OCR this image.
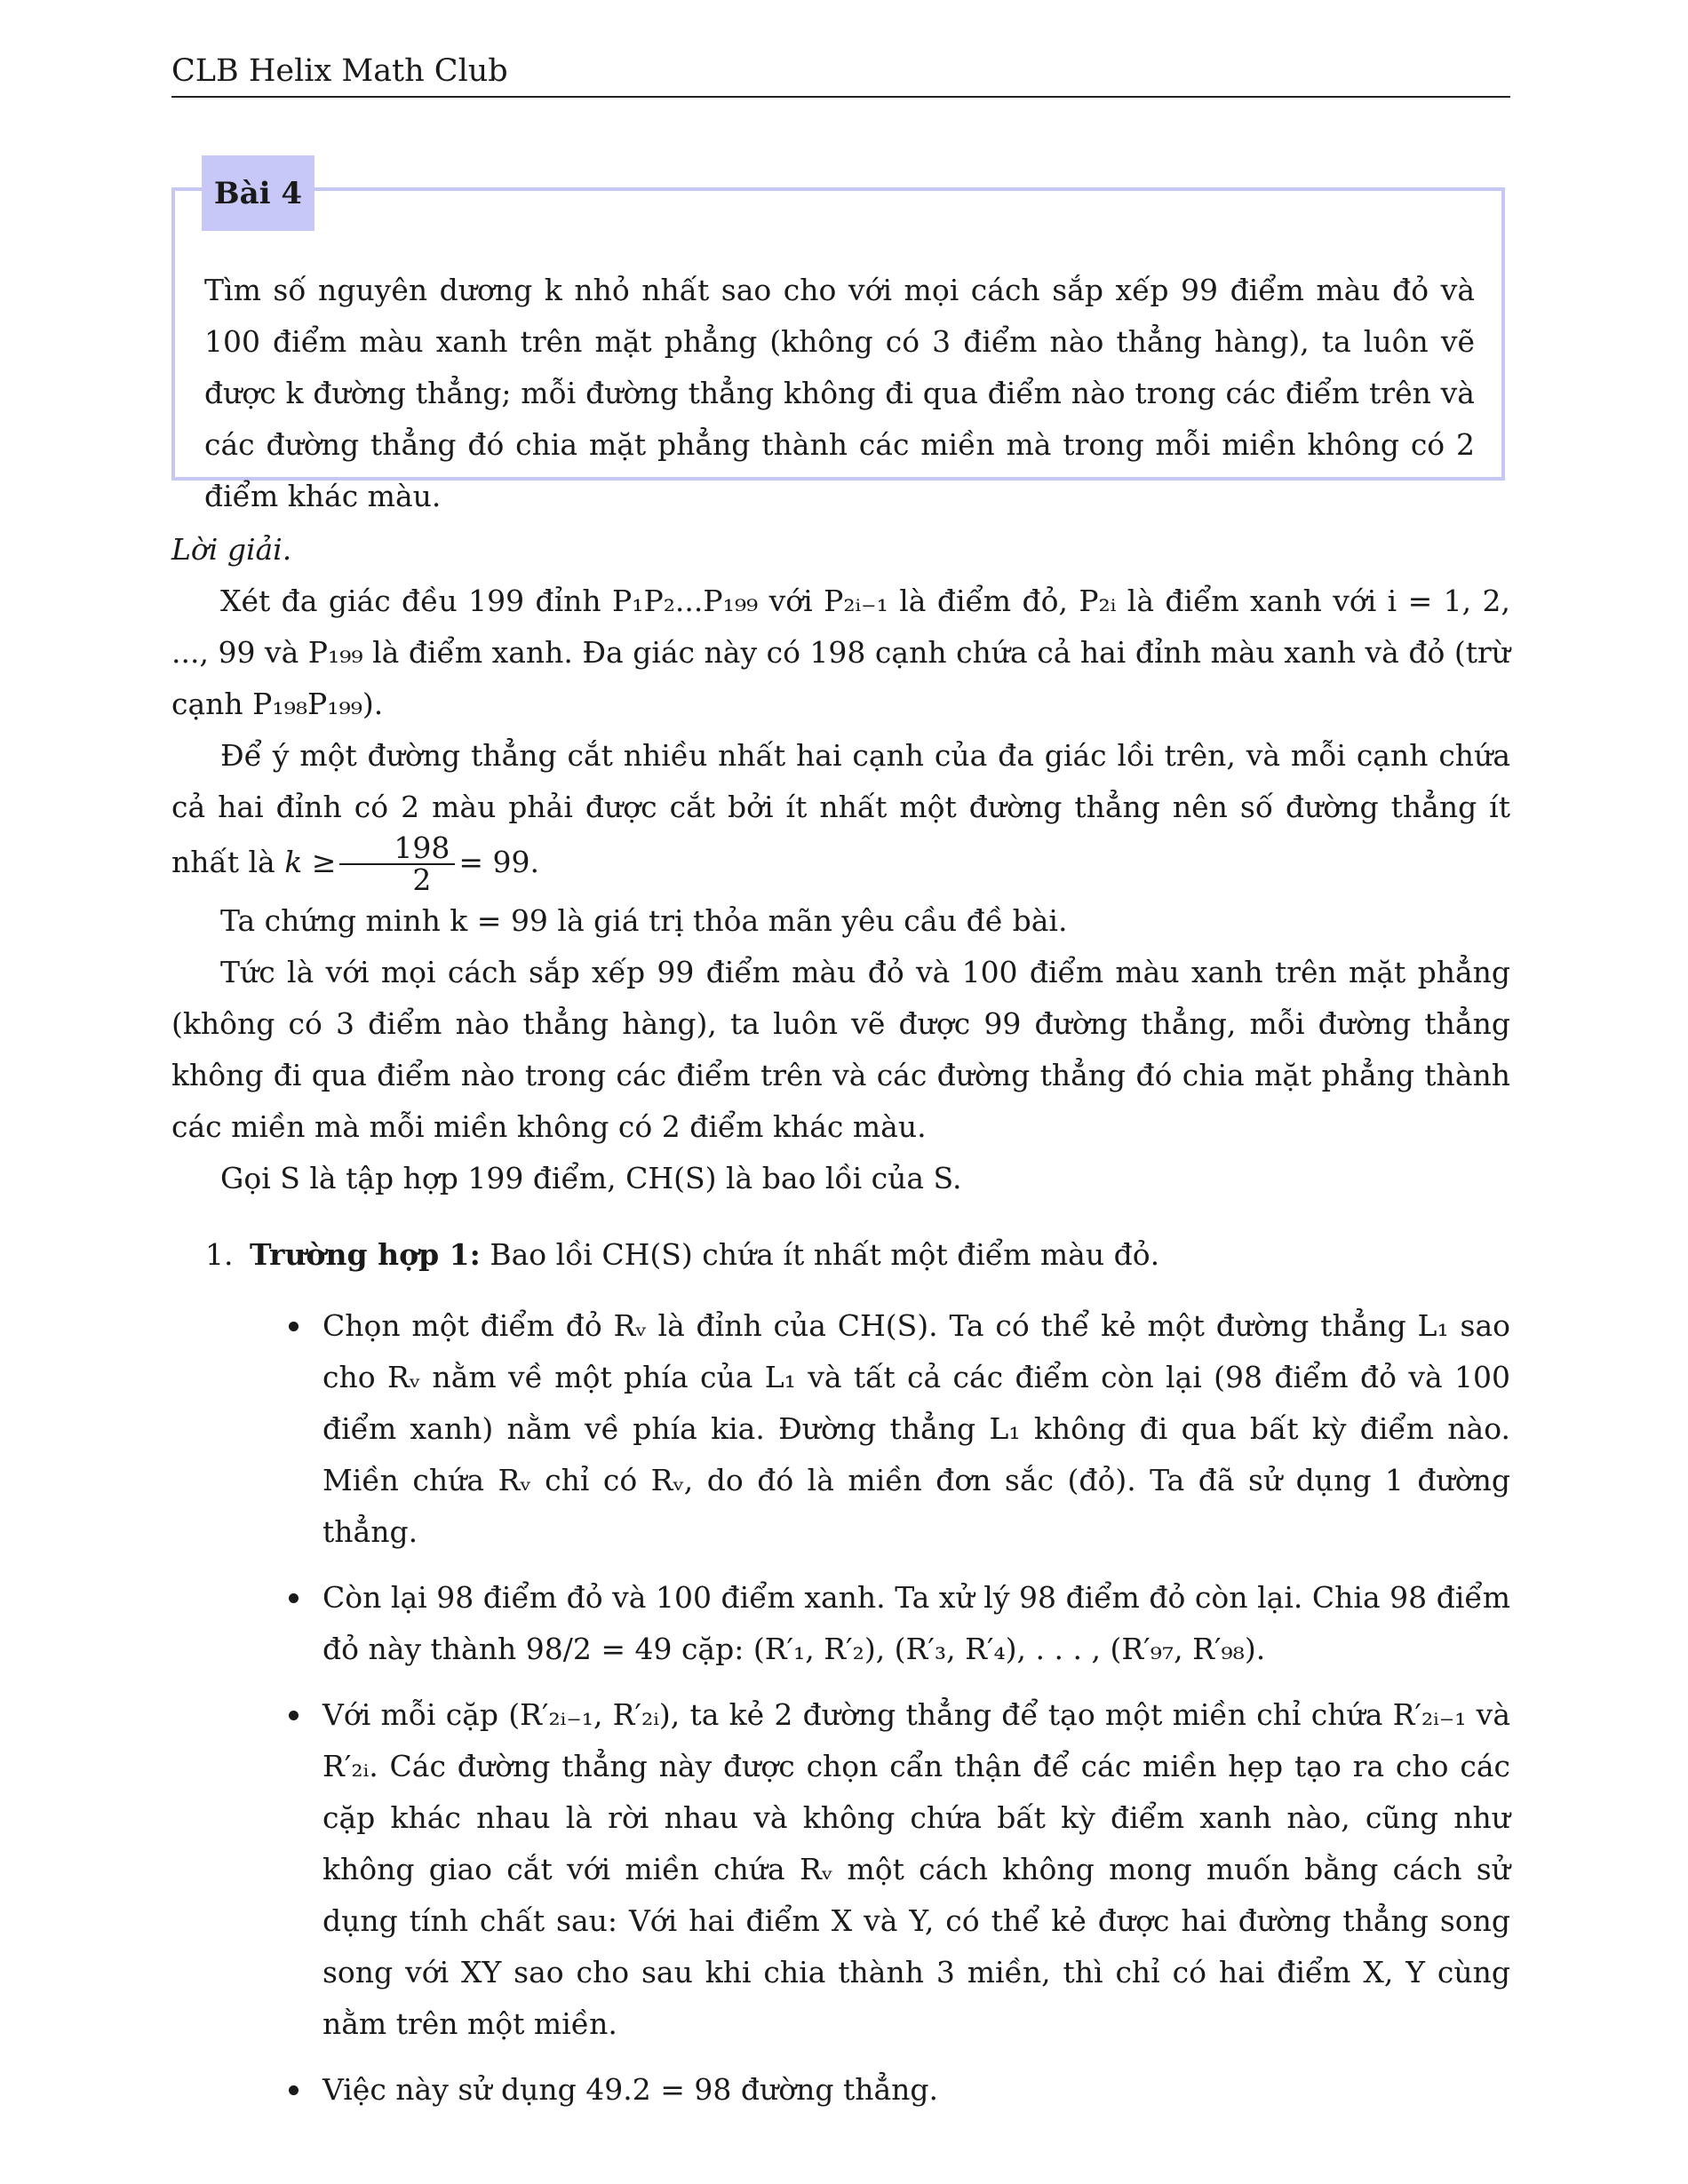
CLB Helix Math Club
Bài 4
Tìm số nguyên dương k nhỏ nhất sao cho với mọi cách sắp xếp 99 điểm màu đỏ và 100 điểm màu xanh trên mặt phẳng (không có 3 điểm nào thẳng hàng), ta luôn vẽ được k đường thẳng; mỗi đường thẳng không đi qua điểm nào trong các điểm trên và các đường thẳng đó chia mặt phẳng thành các miền mà trong mỗi miền không có 2 điểm khác màu.

Lời giải.

Xét đa giác đều 199 đỉnh P₁P₂...P₁₉₉ với P₂ᵢ₋₁ là điểm đỏ, P₂ᵢ là điểm xanh với i = 1, 2, ..., 99 và P₁₉₉ là điểm xanh. Đa giác này có 198 cạnh chứa cả hai đỉnh màu xanh và đỏ (trừ cạnh P₁₉₈P₁₉₉).

Để ý một đường thẳng cắt nhiều nhất hai cạnh của đa giác lồi trên, và mỗi cạnh chứa cả hai đỉnh có 2 màu phải được cắt bởi ít nhất một đường thẳng nên số đường thẳng ít nhất là $k \ge \frac{198}{2} = 99$.

Ta chứng minh k = 99 là giá trị thỏa mãn yêu cầu đề bài.

Tức là với mọi cách sắp xếp 99 điểm màu đỏ và 100 điểm màu xanh trên mặt phẳng (không có 3 điểm nào thẳng hàng), ta luôn vẽ được 99 đường thẳng, mỗi đường thẳng không đi qua điểm nào trong các điểm trên và các đường thẳng đó chia mặt phẳng thành các miền mà mỗi miền không có 2 điểm khác màu.

Gọi S là tập hợp 199 điểm, CH(S) là bao lồi của S.

1. Trường hợp 1: Bao lồi CH(S) chứa ít nhất một điểm màu đỏ.
Chọn một điểm đỏ Rᵥ là đỉnh của CH(S). Ta có thể kẻ một đường thẳng L₁ sao cho Rᵥ nằm về một phía của L₁ và tất cả các điểm còn lại (98 điểm đỏ và 100 điểm xanh) nằm về phía kia. Đường thẳng L₁ không đi qua bất kỳ điểm nào. Miền chứa Rᵥ chỉ có Rᵥ, do đó là miền đơn sắc (đỏ). Ta đã sử dụng 1 đường thẳng.
Còn lại 98 điểm đỏ và 100 điểm xanh. Ta xử lý 98 điểm đỏ còn lại. Chia 98 điểm đỏ này thành 98/2 = 49 cặp: (R′₁, R′₂), (R′₃, R′₄), . . . , (R′₉₇, R′₉₈).
Với mỗi cặp (R′₂ᵢ₋₁, R′₂ᵢ), ta kẻ 2 đường thẳng để tạo một miền chỉ chứa R′₂ᵢ₋₁ và R′₂ᵢ. Các đường thẳng này được chọn cẩn thận để các miền hẹp tạo ra cho các cặp khác nhau là rời nhau và không chứa bất kỳ điểm xanh nào, cũng như không giao cắt với miền chứa Rᵥ một cách không mong muốn bằng cách sử dụng tính chất sau: Với hai điểm X và Y, có thể kẻ được hai đường thẳng song song với XY sao cho sau khi chia thành 3 miền, thì chỉ có hai điểm X, Y cùng nằm trên một miền.
Việc này sử dụng 49.2 = 98 đường thẳng.
